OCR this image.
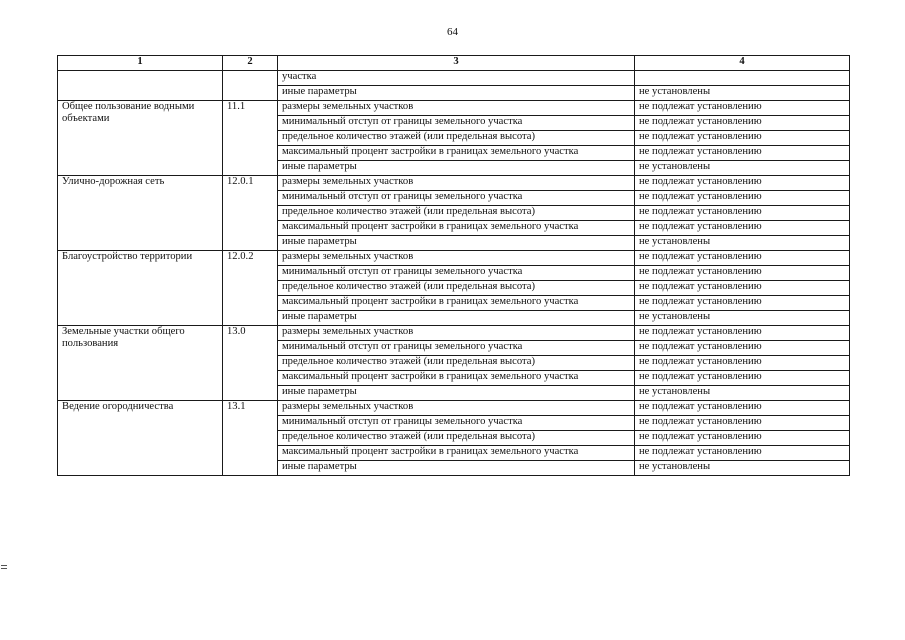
64
1	2	3	4
		участка	
		иные параметры	не установлены
Общее пользование водными объектами	11.1	размеры земельных участков	не подлежат установлению
		минимальный отступ от границы земельного участка	не подлежат установлению
		предельное количество этажей (или предельная высота)	не подлежат установлению
		максимальный процент застройки в границах земельного участка	не подлежат установлению
		иные параметры	не установлены
Улично-дорожная сеть	12.0.1	размеры земельных участков	не подлежат установлению
		минимальный отступ от границы земельного участка	не подлежат установлению
		предельное количество этажей (или предельная высота)	не подлежат установлению
		максимальный процент застройки в границах земельного участка	не подлежат установлению
		иные параметры	не установлены
Благоустройство территории	12.0.2	размеры земельных участков	не подлежат установлению
		минимальный отступ от границы земельного участка	не подлежат установлению
		предельное количество этажей (или предельная высота)	не подлежат установлению
		максимальный процент застройки в границах земельного участка	не подлежат установлению
		иные параметры	не установлены
Земельные участки общего пользования	13.0	размеры земельных участков	не подлежат установлению
		минимальный отступ от границы земельного участка	не подлежат установлению
		предельное количество этажей (или предельная высота)	не подлежат установлению
		максимальный процент застройки в границах земельного участка	не подлежат установлению
		иные параметры	не установлены
Ведение огородничества	13.1	размеры земельных участков	не подлежат установлению
		минимальный отступ от границы земельного участка	не подлежат установлению
		предельное количество этажей (или предельная высота)	не подлежат установлению
		максимальный процент застройки в границах земельного участка	не подлежат установлению
		иные параметры	не установлены
